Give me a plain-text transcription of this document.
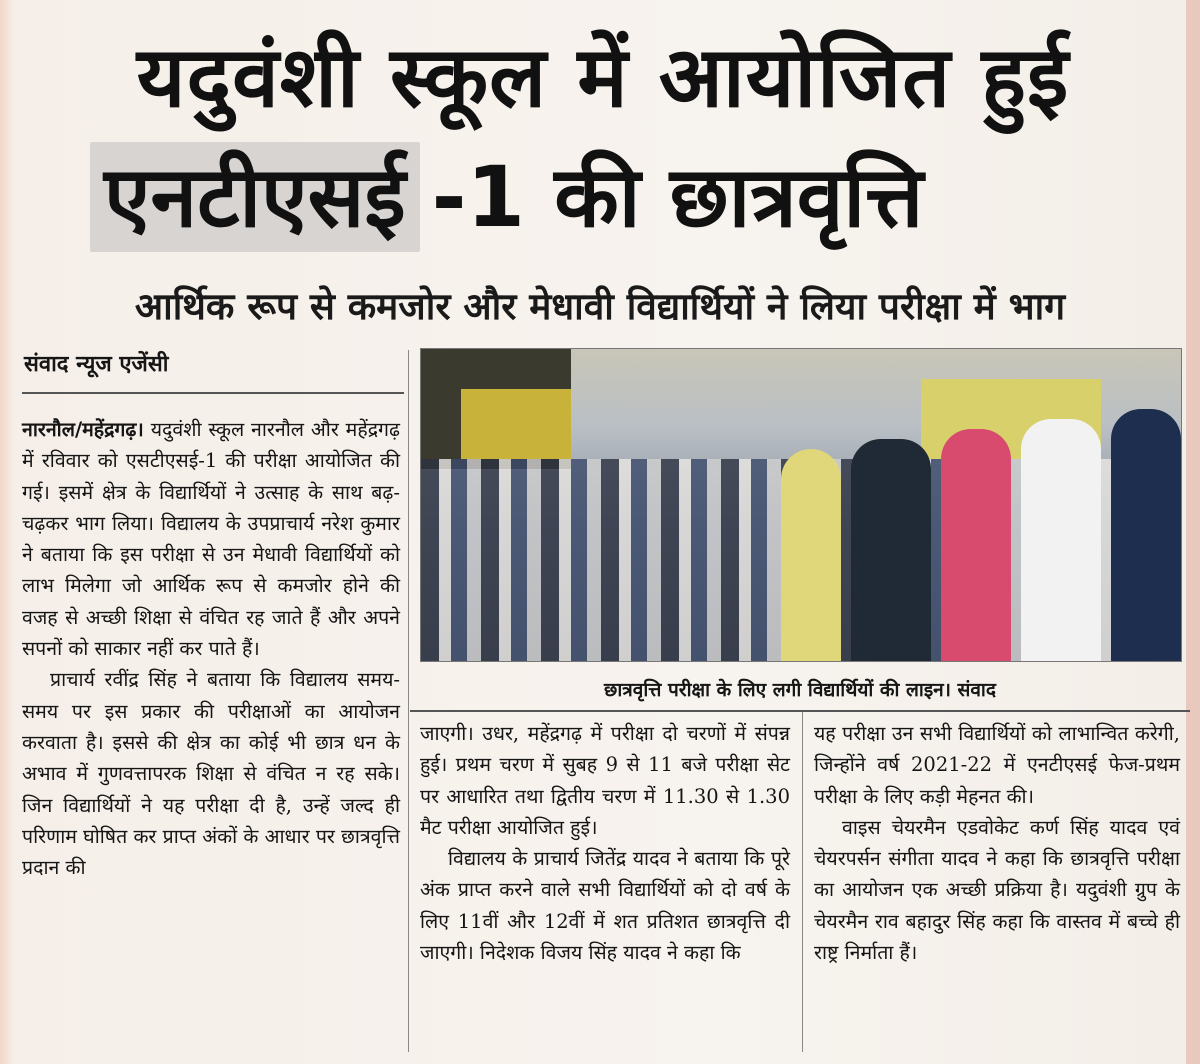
यदुवंशी स्कूल में आयोजित हुई
एनटीएसई -1 की छात्रवृत्ति
आर्थिक रूप से कमजोर और मेधावी विद्यार्थियों ने लिया परीक्षा में भाग
संवाद न्यूज एजेंसी
छात्रवृत्ति परीक्षा के लिए लगी विद्यार्थियों की लाइन। संवाद

नारनौल/महेंद्रगढ़। यदुवंशी स्कूल नारनौल और महेंद्रगढ़ में रविवार को एसटीएसई-1 की परीक्षा आयोजित की गई। इसमें क्षेत्र के विद्यार्थियों ने उत्साह के साथ बढ़-चढ़कर भाग लिया। विद्यालय के उपप्राचार्य नरेश कुमार ने बताया कि इस परीक्षा से उन मेधावी विद्यार्थियों को लाभ मिलेगा जो आर्थिक रूप से कमजोर होने की वजह से अच्छी शिक्षा से वंचित रह जाते हैं और अपने सपनों को साकार नहीं कर पाते हैं।

प्राचार्य रवींद्र सिंह ने बताया कि विद्यालय समय-समय पर इस प्रकार की परीक्षाओं का आयोजन करवाता है। इससे की क्षेत्र का कोई भी छात्र धन के अभाव में गुणवत्तापरक शिक्षा से वंचित न रह सके। जिन विद्यार्थियों ने यह परीक्षा दी है, उन्हें जल्द ही परिणाम घोषित कर प्राप्त अंकों के आधार पर छात्रवृत्ति प्रदान की

जाएगी। उधर, महेंद्रगढ़ में परीक्षा दो चरणों में संपन्न हुई। प्रथम चरण में सुबह 9 से 11 बजे परीक्षा सेट पर आधारित तथा द्वितीय चरण में 11.30 से 1.30 मैट परीक्षा आयोजित हुई।

विद्यालय के प्राचार्य जितेंद्र यादव ने बताया कि पूरे अंक प्राप्त करने वाले सभी विद्यार्थियों को दो वर्ष के लिए 11वीं और 12वीं में शत प्रतिशत छात्रवृत्ति दी जाएगी। निदेशक विजय सिंह यादव ने कहा कि

यह परीक्षा उन सभी विद्यार्थियों को लाभान्वित करेगी, जिन्होंने वर्ष 2021-22 में एनटीएसई फेज-प्रथम परीक्षा के लिए कड़ी मेहनत की।

वाइस चेयरमैन एडवोकेट कर्ण सिंह यादव एवं चेयरपर्सन संगीता यादव ने कहा कि छात्रवृत्ति परीक्षा का आयोजन एक अच्छी प्रक्रिया है। यदुवंशी ग्रुप के चेयरमैन राव बहादुर सिंह कहा कि वास्तव में बच्चे ही राष्ट्र निर्माता हैं।
